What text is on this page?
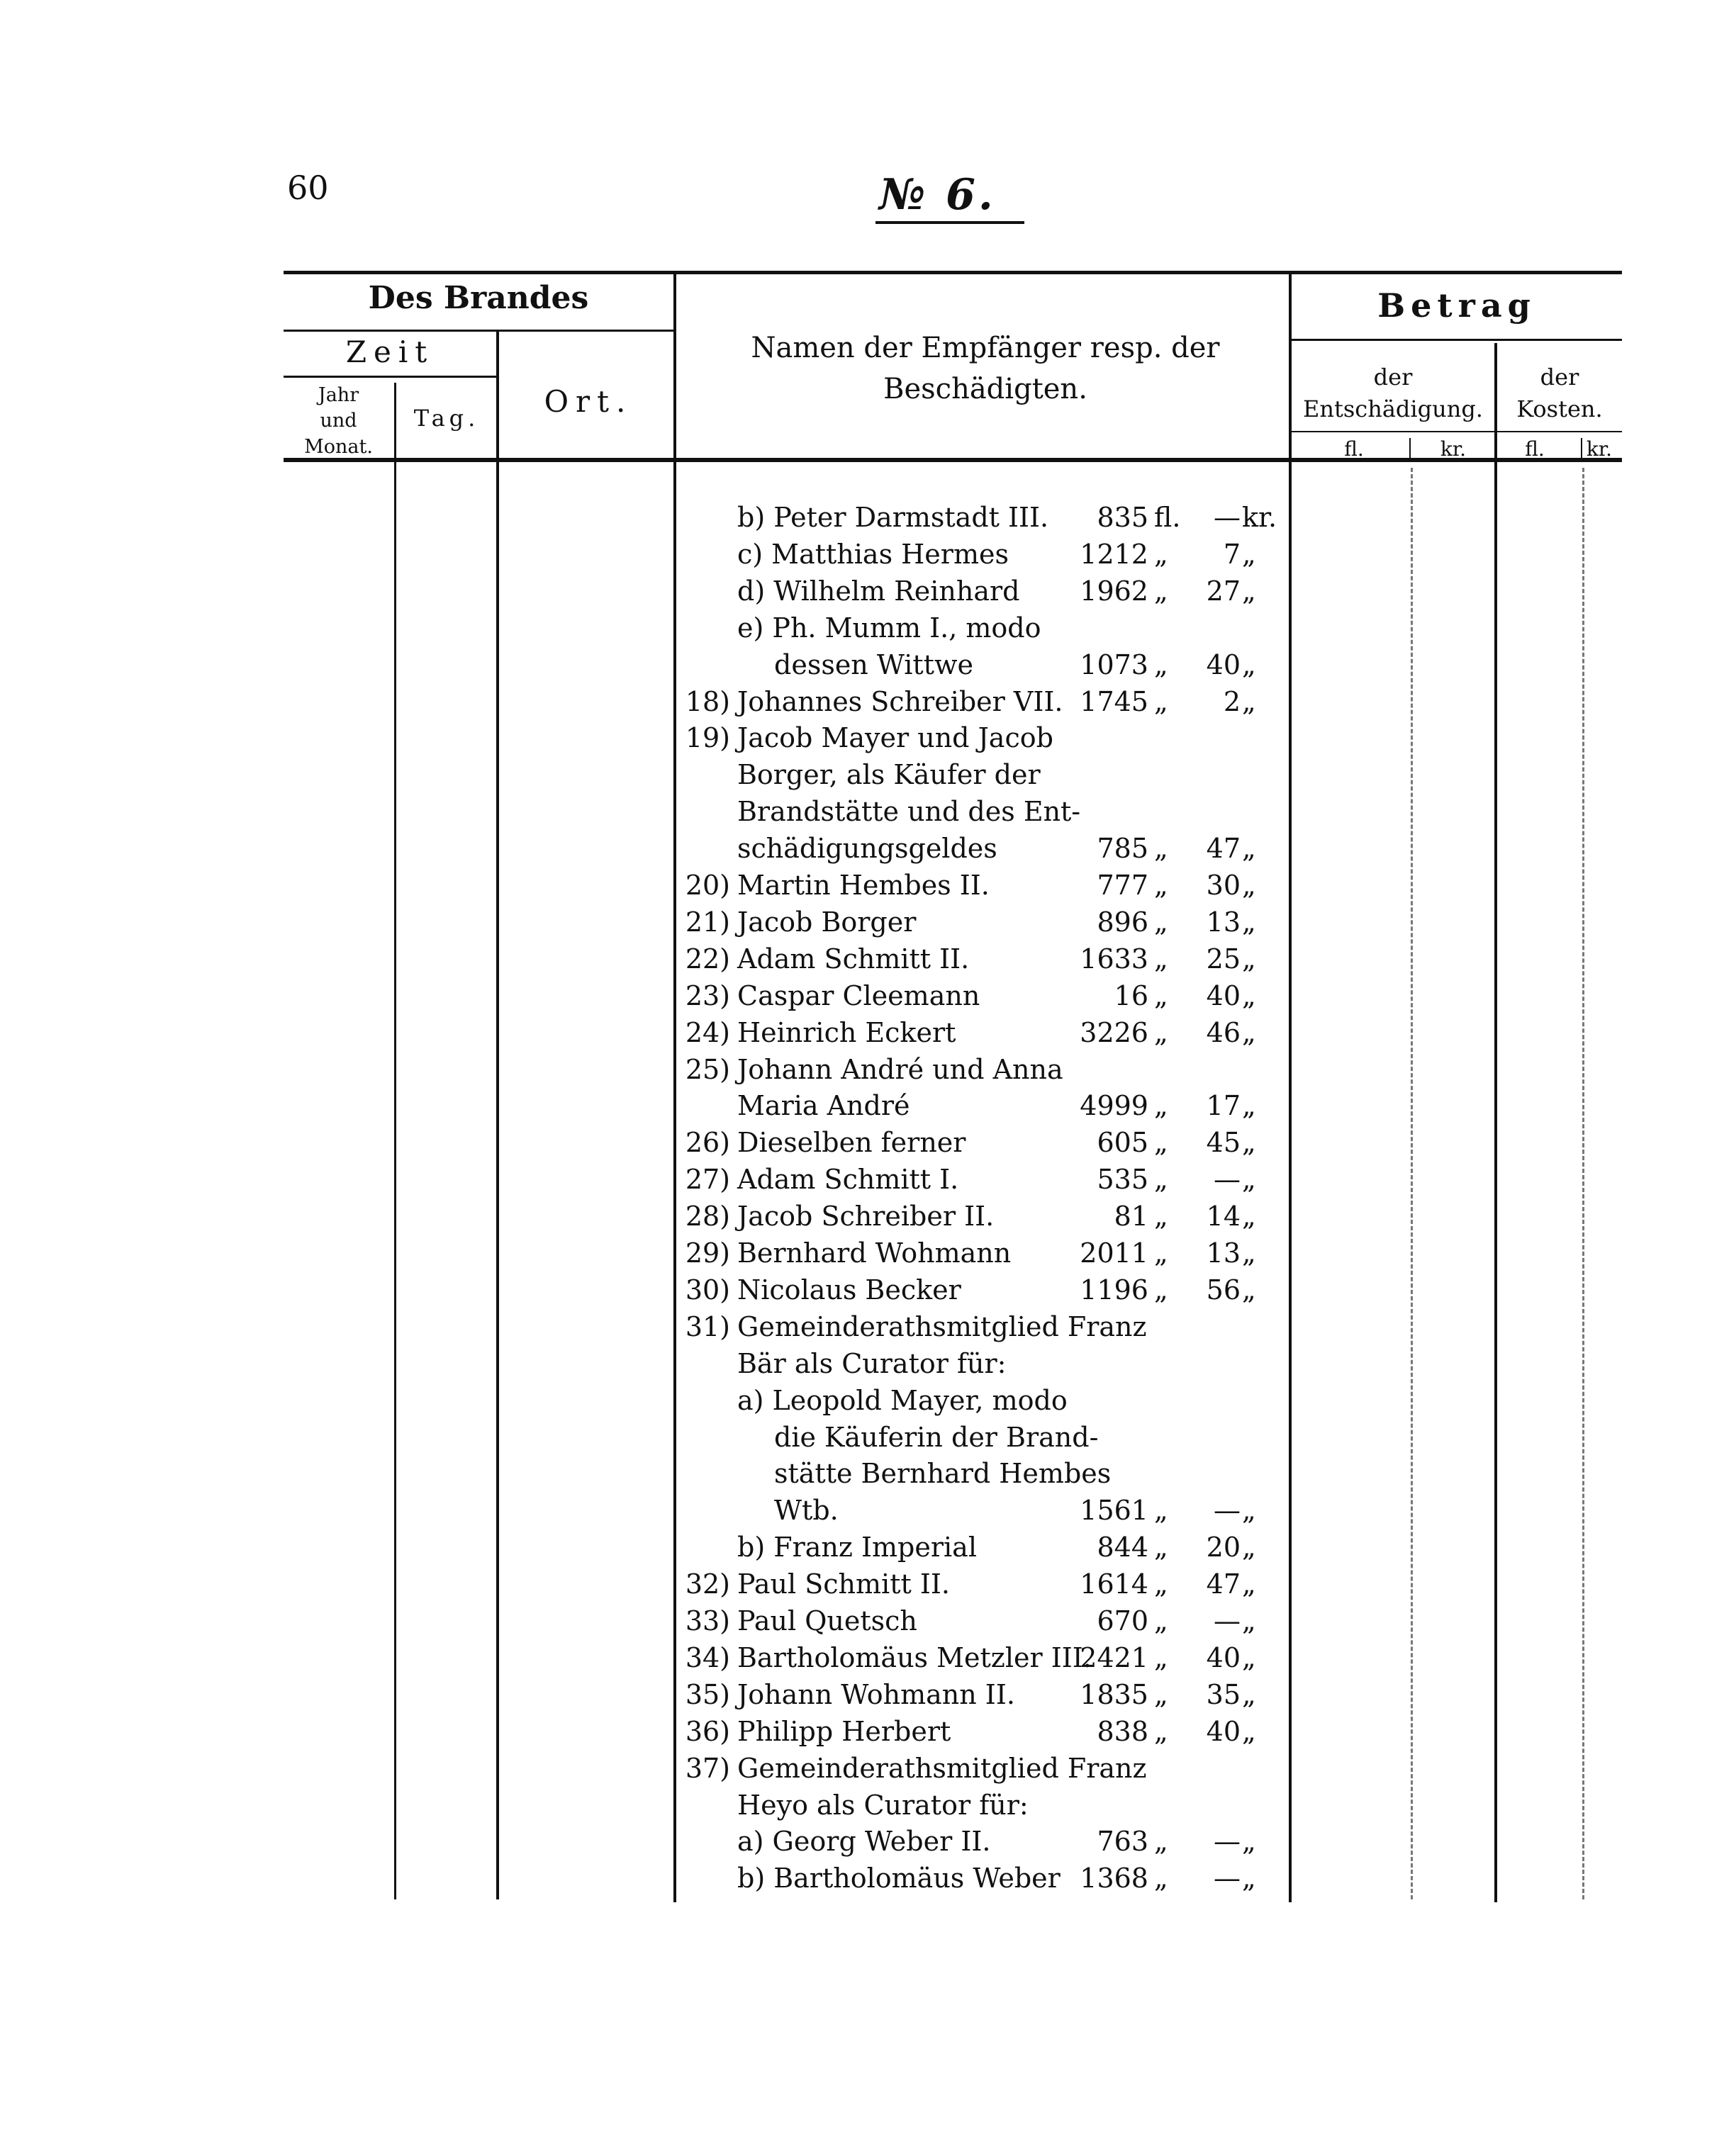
60	№ 6.
Des Brandes
Zeit
Jahr
und
Monat.
Tag.	Ort.
Namen der Empfänger resp. der
Beschädigten.
Betrag
der
Entschädigung.
der
Kosten.
fl.	kr.	fl.	kr.
b) Peter Darmstadt III.	835 fl.	— kr.
c) Matthias Hermes	1212 „	7 „
d) Wilhelm Reinhard	1962 „	27 „
e) Ph. Mumm I., modo
dessen Wittwe	1073 „	40 „
18) Johannes Schreiber VII. 1745 „	2 „
19) Jacob Mayer und Jacob
Borger, als Käufer der
Brandstätte und des Ent-
schädigungsgeldes	785 „	47 „
20) Martin Hembes II.	777 „	30 „
21) Jacob Borger	896 „	13 „
22) Adam Schmitt II.	1633 „	25 „
23) Caspar Cleemann	16 „	40 „
24) Heinrich Eckert	3226 „	46 „
25) Johann André und Anna
Maria André	4999 „	17 „
26) Dieselben ferner	605 „	45 „
27) Adam Schmitt I.	535 „	— „
28) Jacob Schreiber II.	81 „	14 „
29) Bernhard Wohmann	2011 „	13 „
30) Nicolaus Becker	1196 „	56 „
31) Gemeinderathsmitglied Franz
Bär als Curator für:
a) Leopold Mayer, modo
die Käuferin der Brand-
stätte Bernhard Hembes
Wtb.	1561 „	— „
b) Franz Imperial	844 „	20 „
32) Paul Schmitt II.	1614 „	47 „
33) Paul Quetsch	670 „	— „
34) Bartholomäus Metzler III.
2421 „	40 „
35) Johann Wohmann II.	1835 „	35 „
36) Philipp Herbert	838 „	40 „
37) Gemeinderathsmitglied Franz
Heyo als Curator für:
a) Georg Weber II.	763 „	— „
b) Bartholomäus Weber 1368 „	— „
